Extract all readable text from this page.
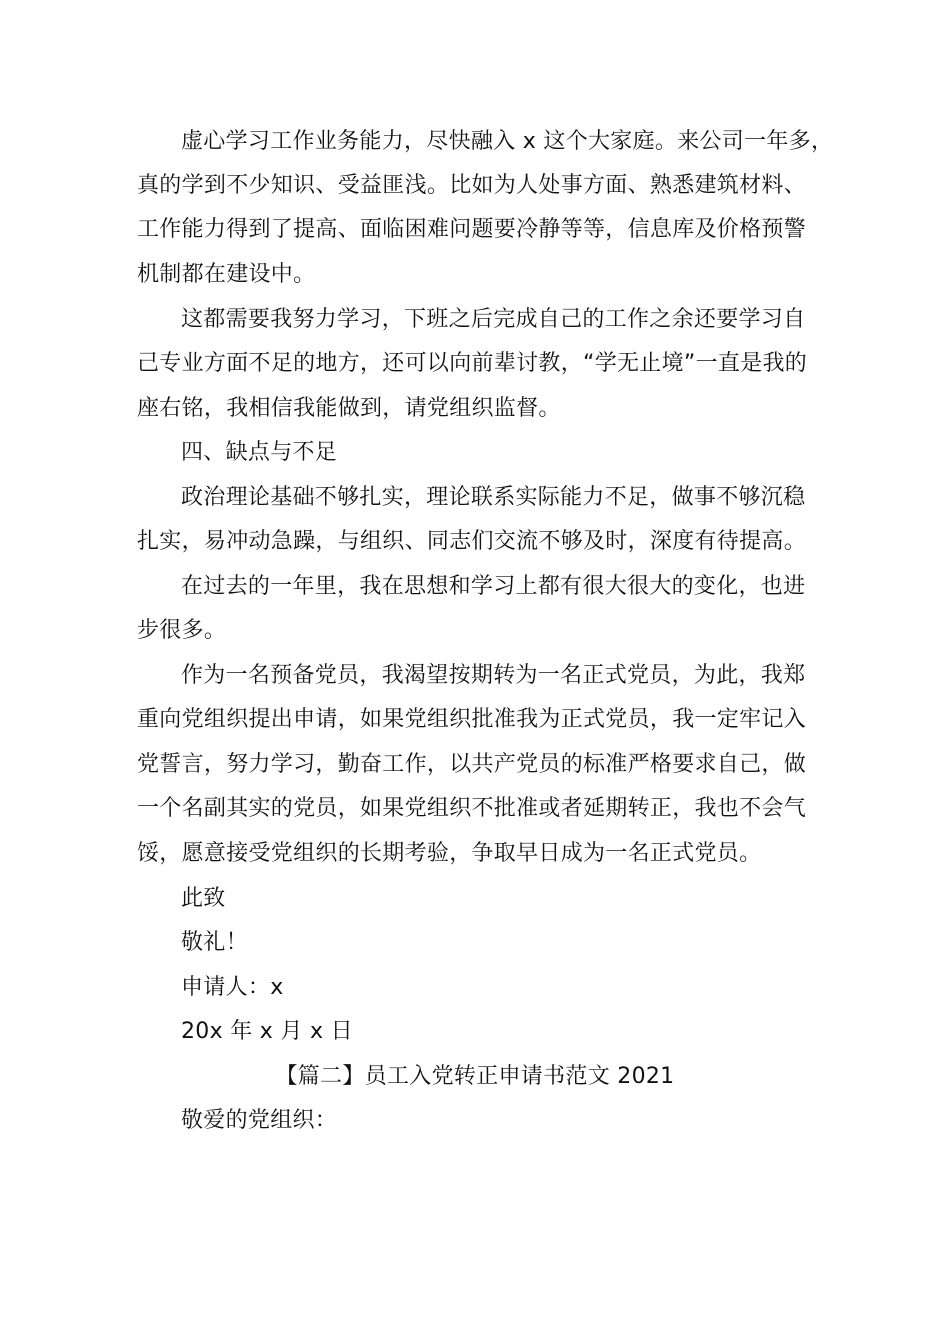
虚心学习工作业务能力，尽快融入 x 这个大家庭。来公司一年多，
真的学到不少知识、受益匪浅。比如为人处事方面、熟悉建筑材料、
工作能力得到了提高、面临困难问题要冷静等等，信息库及价格预警
机制都在建设中。
这都需要我努力学习，下班之后完成自己的工作之余还要学习自
己专业方面不足的地方，还可以向前辈讨教，“学无止境”一直是我的
座右铭，我相信我能做到，请党组织监督。
四、缺点与不足
政治理论基础不够扎实，理论联系实际能力不足，做事不够沉稳
扎实，易冲动急躁，与组织、同志们交流不够及时，深度有待提高。
在过去的一年里，我在思想和学习上都有很大很大的变化，也进
步很多。
作为一名预备党员，我渴望按期转为一名正式党员，为此，我郑
重向党组织提出申请，如果党组织批准我为正式党员，我一定牢记入
党誓言，努力学习，勤奋工作，以共产党员的标准严格要求自己，做
一个名副其实的党员，如果党组织不批准或者延期转正，我也不会气
馁，愿意接受党组织的长期考验，争取早日成为一名正式党员。
此致
敬礼！
申请人：x
20x 年 x 月 x 日
【篇二】员工入党转正申请书范文 2021
敬爱的党组织：
